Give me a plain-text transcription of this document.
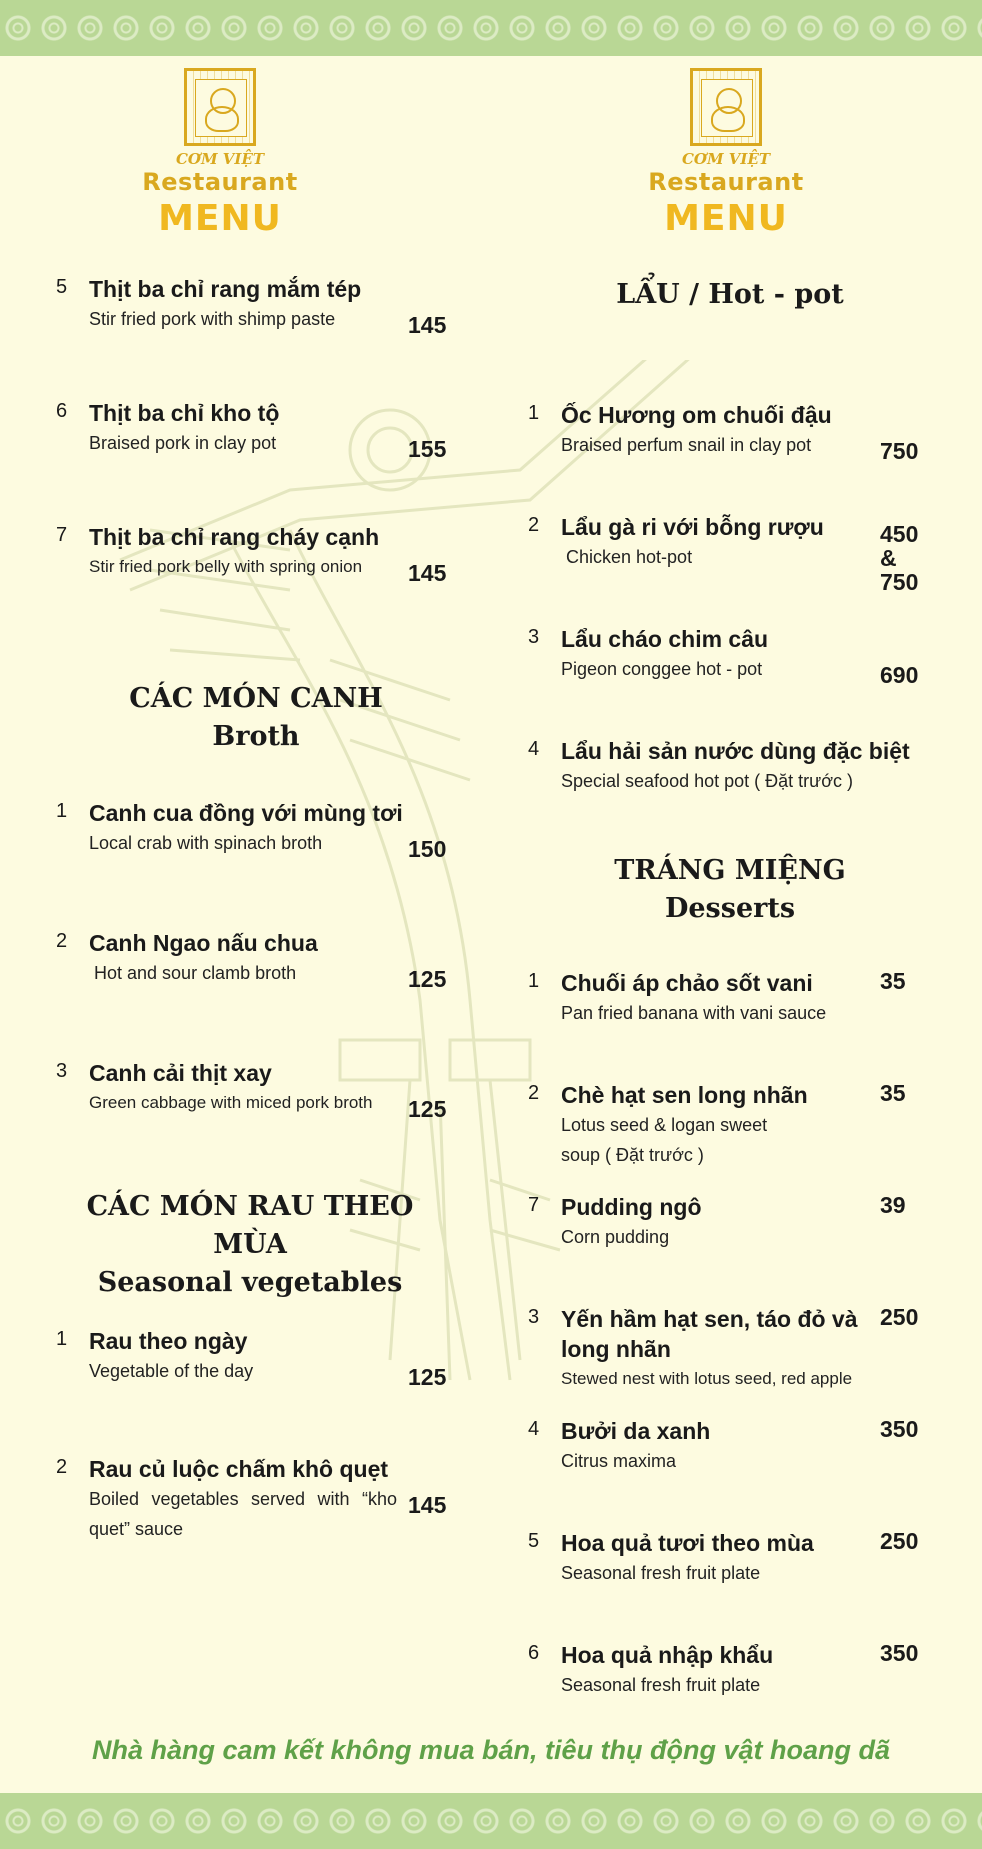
CƠM VIỆT
Restaurant
MENU
5 Thịt ba chỉ rang mắm tép
Stir fried pork with shimp paste	145
6 Thịt ba chỉ kho tộ
Braised pork in clay pot	155
7 Thịt ba chỉ rang cháy cạnh
Stir fried pork belly with spring onion	145
CÁC MÓN CANH
Broth
1 Canh cua đồng với mùng tơi
Local crab with spinach broth	150
2 Canh Ngao nấu chua
Hot and sour clamb broth	125
3 Canh cải thịt xay
Green cabbage with miced pork broth	125
CÁC MÓN RAU THEO MÙA
Seasonal vegetables
1 Rau theo ngày
Vegetable of the day	125
2 Rau củ luộc chấm khô quẹt
Boiled vegetables served with “kho quet” sauce
145
CƠM VIỆT
Restaurant
MENU
LẨU / Hot - pot
1 Ốc Hương om chuối đậu
Braised perfum snail in clay pot	750
2 Lẩu gà ri với bỗng rượu
Chicken hot-pot
450 & 750
3 Lẩu cháo chim câu
Pigeon conggee hot - pot	690
4 Lẩu hải sản nước dùng đặc biệt
Special seafood hot pot ( Đặt trước )
TRÁNG MIỆNG
Desserts
1 Chuối áp chảo sốt vani
Pan fried banana with vani sauce
35
2 Chè hạt sen long nhãn
Lotus seed & logan sweet soup ( Đặt trước )
35
7 Pudding ngô
Corn pudding
39
3 Yến hầm hạt sen, táo đỏ và long nhãn
Stewed nest with lotus seed, red apple
250
4 Bưởi da xanh
Citrus maxima
350
5 Hoa quả tươi theo mùa
Seasonal fresh fruit plate
250
6 Hoa quả nhập khẩu
Seasonal fresh fruit plate
350
Nhà hàng cam kết không mua bán, tiêu thụ động vật hoang dã
